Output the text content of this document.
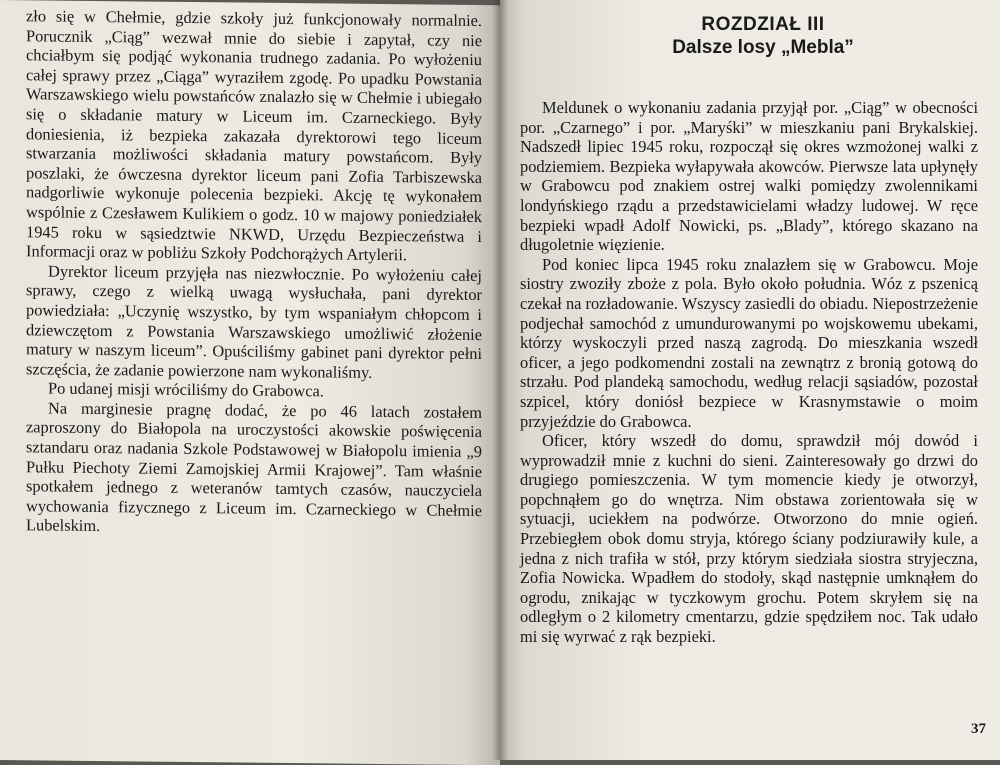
zło się w Chełmie, gdzie szkoły już funkcjonowały normalnie. Porucznik „Ciąg” wezwał mnie do siebie i zapytał, czy nie chciałbym się podjąć wykonania trudnego zadania. Po wyłożeniu całej sprawy przez „Ciąga” wyraziłem zgodę. Po upadku Powstania Warszawskiego wielu powstańców znalazło się w Chełmie i ubiegało się o składanie matury w Liceum im. Czarneckiego. Były doniesienia, iż bezpieka zakazała dyrektorowi tego liceum stwarzania możliwości składania matury powstańcom. Były poszlaki, że ówczesna dyrektor liceum pani Zofia Tarbiszewska nadgorliwie wykonuje polecenia bezpieki. Akcję tę wykonałem wspólnie z Czesławem Kulikiem o godz. 10 w majowy poniedziałek 1945 roku w sąsiedztwie NKWD, Urzędu Bezpieczeństwa i Informacji oraz w pobliżu Szkoły Podchorążych Artylerii.

Dyrektor liceum przyjęła nas niezwłocznie. Po wyłożeniu całej sprawy, czego z wielką uwagą wysłuchała, pani dyrektor powiedziała: „Uczynię wszystko, by tym wspaniałym chłopcom i dziewczętom z Powstania Warszawskiego umożliwić złożenie matury w naszym liceum”. Opuściliśmy gabinet pani dyrektor pełni szczęścia, że zadanie powierzone nam wykonaliśmy.

Po udanej misji wróciliśmy do Grabowca.

Na marginesie pragnę dodać, że po 46 latach zostałem zaproszony do Białopola na uroczystości akowskie poświęcenia sztandaru oraz nadania Szkole Podstawowej w Białopolu imienia „9 Pułku Piechoty Ziemi Zamojskiej Armii Krajowej”. Tam właśnie spotkałem jednego z weteranów tamtych czasów, nauczyciela wychowania fizycznego z Liceum im. Czarneckiego w Chełmie Lubelskim.

ROZDZIAŁ III
Dalsze losy „Mebla”

Meldunek o wykonaniu zadania przyjął por. „Ciąg” w obecności por. „Czarnego” i por. „Maryśki” w mieszkaniu pani Brykalskiej. Nadszedł lipiec 1945 roku, rozpoczął się okres wzmożonej walki z podziemiem. Bezpieka wyłapywała akowców. Pierwsze lata upłynęły w Grabowcu pod znakiem ostrej walki pomiędzy zwolennikami londyńskiego rządu a przedstawicielami władzy ludowej. W ręce bezpieki wpadł Adolf Nowicki, ps. „Blady”, którego skazano na długoletnie więzienie.

Pod koniec lipca 1945 roku znalazłem się w Grabowcu. Moje siostry zwoziły zboże z pola. Było około południa. Wóz z pszenicą czekał na rozładowanie. Wszyscy zasiedli do obiadu. Niepostrzeżenie podjechał samochód z umundurowanymi po wojskowemu ubekami, którzy wyskoczyli przed naszą zagrodą. Do mieszkania wszedł oficer, a jego podkomendni zostali na zewnątrz z bronią gotową do strzału. Pod plandeką samochodu, według relacji sąsiadów, pozostał szpicel, który doniósł bezpiece w Krasnymstawie o moim przyjeździe do Grabowca.

Oficer, który wszedł do domu, sprawdził mój dowód i wyprowadził mnie z kuchni do sieni. Zainteresowały go drzwi do drugiego pomieszczenia. W tym momencie kiedy je otworzył, popchnąłem go do wnętrza. Nim obstawa zorientowała się w sytuacji, uciekłem na podwórze. Otworzono do mnie ogień. Przebiegłem obok domu stryja, którego ściany podziurawiły kule, a jedna z nich trafiła w stół, przy którym siedziała siostra stryjeczna, Zofia Nowicka. Wpadłem do stodoły, skąd następnie umknąłem do ogrodu, znikając w tyczkowym grochu. Potem skryłem się na odległym o 2 kilometry cmentarzu, gdzie spędziłem noc. Tak udało mi się wyrwać z rąk bezpieki.

37
